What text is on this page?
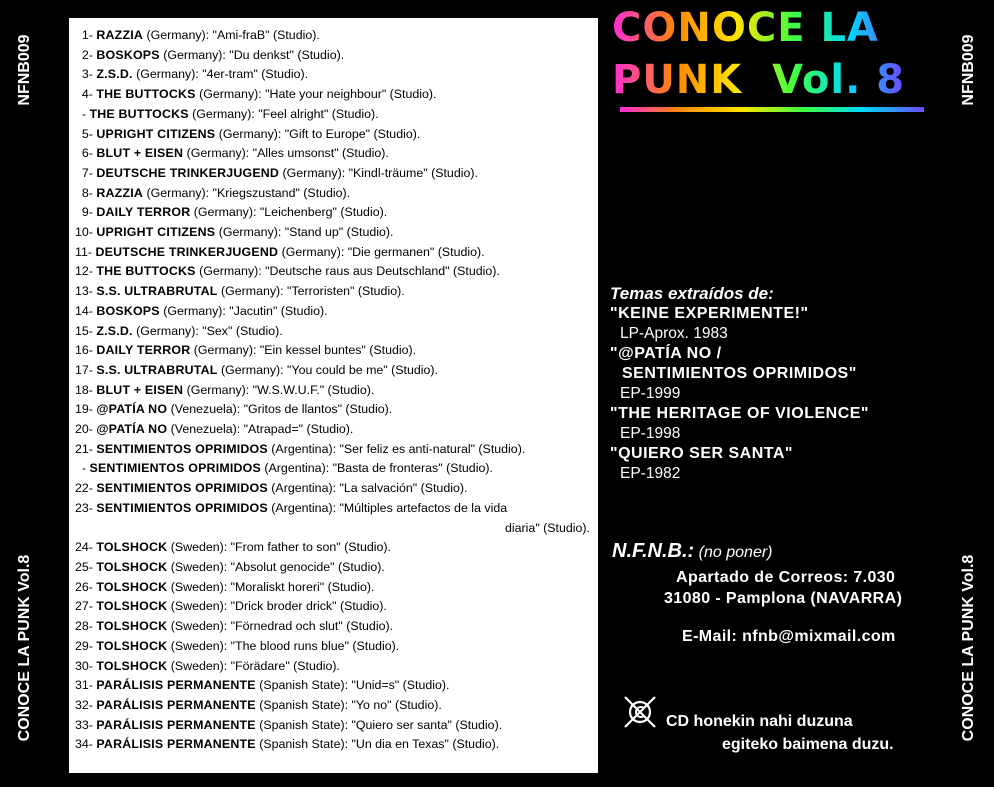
NFNB009
CONOCE LA PUNK Vol.8
NFNB009
CONOCE LA PUNK Vol.8
1- RAZZIA (Germany): "Ami-fraB" (Studio).
2- BOSKOPS (Germany): "Du denkst" (Studio).
3- Z.S.D. (Germany): "4er-tram" (Studio).
4- THE BUTTOCKS (Germany): "Hate your neighbour" (Studio).
- THE BUTTOCKS (Germany): "Feel alright" (Studio).
5- UPRIGHT CITIZENS (Germany): "Gift to Europe" (Studio).
6- BLUT + EISEN (Germany): "Alles umsonst" (Studio).
7- DEUTSCHE TRINKERJUGEND (Germany): "Kindl-träume" (Studio).
8- RAZZIA (Germany): "Kriegszustand" (Studio).
9- DAILY TERROR (Germany): "Leichenberg" (Studio).
10- UPRIGHT CITIZENS (Germany): "Stand up" (Studio).
11- DEUTSCHE TRINKERJUGEND (Germany): "Die germanen" (Studio).
12- THE BUTTOCKS (Germany): "Deutsche raus aus Deutschland" (Studio).
13- S.S. ULTRABRUTAL (Germany): "Terroristen" (Studio).
14- BOSKOPS (Germany): "Jacutin" (Studio).
15- Z.S.D. (Germany): "Sex" (Studio).
16- DAILY TERROR (Germany): "Ein kessel buntes" (Studio).
17- S.S. ULTRABRUTAL (Germany): "You could be me" (Studio).
18- BLUT + EISEN (Germany): "W.S.W.U.F." (Studio).
19- @PATÍA NO (Venezuela): "Gritos de llantos" (Studio).
20- @PATÍA NO (Venezuela): "Atrapad=" (Studio).
21- SENTIMIENTOS OPRIMIDOS (Argentina): "Ser feliz es anti-natural" (Studio).
- SENTIMIENTOS OPRIMIDOS (Argentina): "Basta de fronteras" (Studio).
22- SENTIMIENTOS OPRIMIDOS (Argentina): "La salvación" (Studio).
23- SENTIMIENTOS OPRIMIDOS (Argentina): "Múltiples artefactos de la vida
diaria" (Studio).
24- TOLSHOCK (Sweden): "From father to son" (Studio).
25- TOLSHOCK (Sweden): "Absolut genocide" (Studio).
26- TOLSHOCK (Sweden): "Moraliskt horeri" (Studio).
27- TOLSHOCK (Sweden): "Drick broder drick" (Studio).
28- TOLSHOCK (Sweden): "Förnedrad och slut" (Studio).
29- TOLSHOCK (Sweden): "The blood runs blue" (Studio).
30- TOLSHOCK (Sweden): "Förädare" (Studio).
31- PARÁLISIS PERMANENTE (Spanish State): "Unid=s" (Studio).
32- PARÁLISIS PERMANENTE (Spanish State): "Yo no" (Studio).
33- PARÁLISIS PERMANENTE (Spanish State): "Quiero ser santa" (Studio).
34- PARÁLISIS PERMANENTE (Spanish State): "Un dia en Texas" (Studio).
CONOCE LA
PUNK  Vol. 8
Temas extraídos de:
"KEINE EXPERIMENTE!"
LP-Aprox. 1983
"@PATÍA NO /
SENTIMIENTOS OPRIMIDOS"
EP-1999
"THE HERITAGE OF VIOLENCE"
EP-1998
"QUIERO SER SANTA"
EP-1982
N.F.N.B.: (no poner)
Apartado de Correos: 7.030
31080 - Pamplona (NAVARRA)
E-Mail: nfnb@mixmail.com
CD honekin nahi duzuna
egiteko baimena duzu.
